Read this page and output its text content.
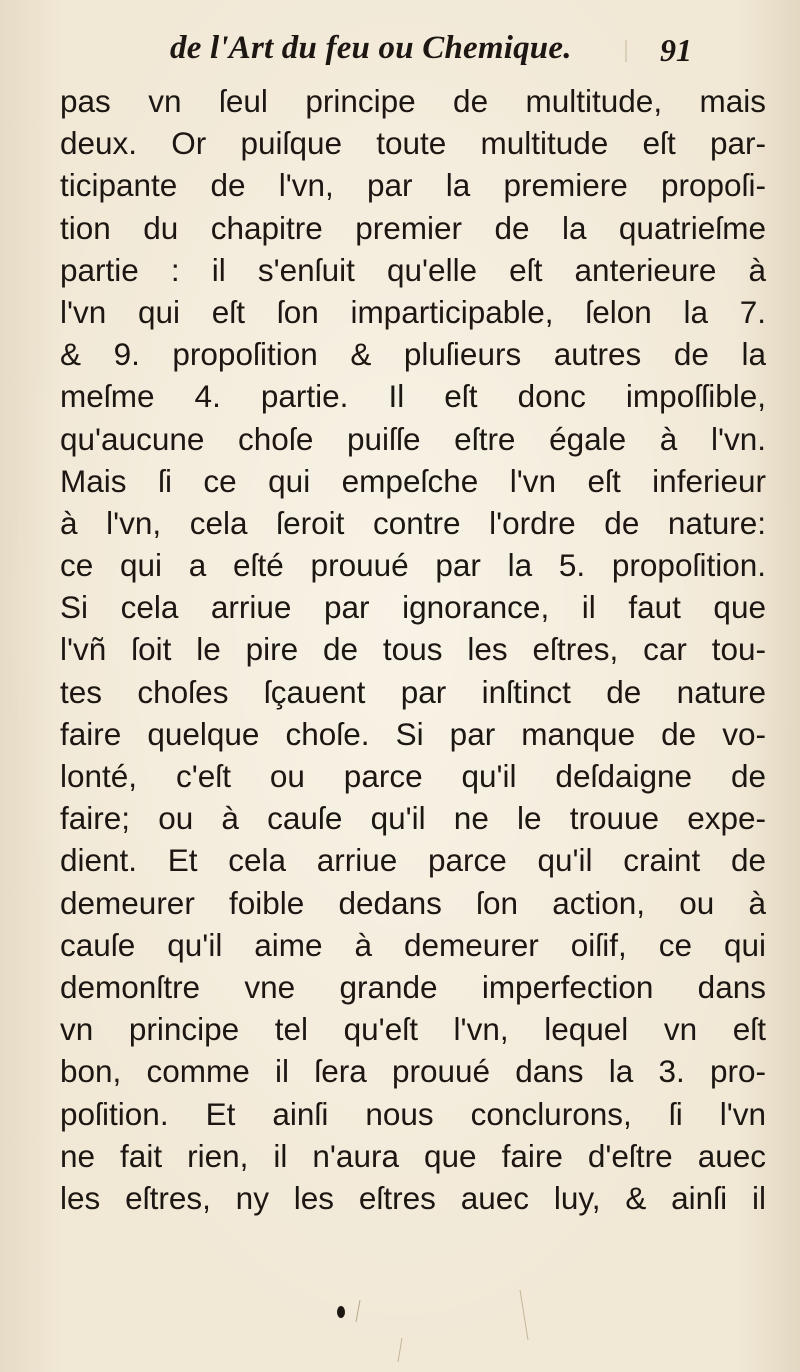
de l'Art du feu ou Chemique.	91
pas vn ſeul principe de multitude, mais
deux. Or puiſque toute multitude eſt par-
ticipante de l'vn, par la premiere propoſi-
tion du chapitre premier de la quatrieſme
partie : il s'enſuit qu'elle eſt anterieure à
l'vn qui eſt ſon imparticipable, ſelon la 7.
& 9. propoſition & pluſieurs autres de la
meſme 4. partie. Il eſt donc impoſſible,
qu'aucune choſe puiſſe eſtre égale à l'vn.
Mais ſi ce qui empeſche l'vn eſt inferieur
à l'vn, cela ſeroit contre l'ordre de nature:
ce qui a eſté prouué par la 5. propoſition.
Si cela arriue par ignorance, il faut que
l'vñ ſoit le pire de tous les eſtres, car tou-
tes choſes ſçauent par inſtinct de nature
faire quelque choſe. Si par manque de vo-
lonté, c'eſt ou parce qu'il deſdaigne de
faire; ou à cauſe qu'il ne le trouue expe-
dient. Et cela arriue parce qu'il craint de
demeurer foible dedans ſon action, ou à
cauſe qu'il aime à demeurer oiſif, ce qui
demonſtre vne grande imperfection dans
vn principe tel qu'eſt l'vn, lequel vn eſt
bon, comme il ſera prouué dans la 3. pro-
poſition. Et ainſi nous conclurons, ſi l'vn
ne fait rien, il n'aura que faire d'eſtre auec
les eſtres, ny les eſtres auec luy, & ainſi il
